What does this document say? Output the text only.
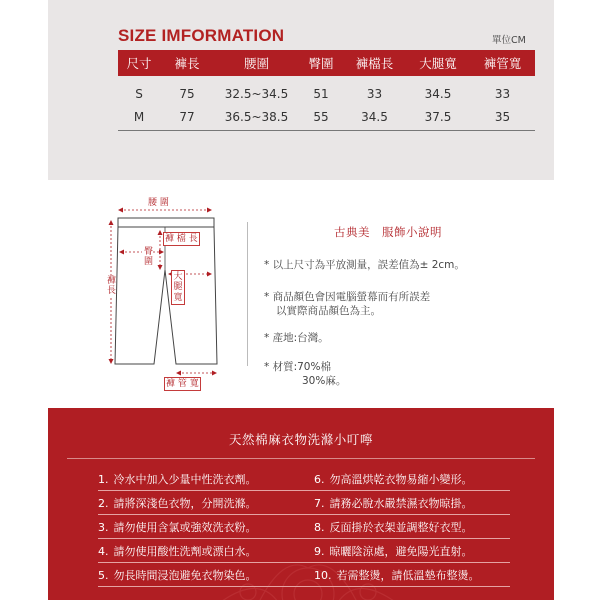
SIZE IMFORMATION	單位CM
尺寸	褲長	腰圍	臀圍	褲檔長	大腿寬	褲管寬
S	75	32.5~34.5	51	33	34.5	33
M	77	36.5~38.5	55	34.5	37.5	35
腰 圍
褲 檔 長
臀圍
大腿寬
褲長
褲 管 寬
古典美　服飾小說明
* 以上尺寸為平放測量，誤差值為± 2cm。
* 商品顏色會因電腦螢幕而有所誤差
以實際商品顏色為主。
* 產地:台灣。
* 材質:70%棉
30%麻。
天然棉麻衣物洗滌小叮嚀
1. 冷水中加入少量中性洗衣劑。
2. 請將深淺色衣物，分開洗滌。
3. 請勿使用含氯或強效洗衣粉。
4. 請勿使用酸性洗劑或漂白水。
5. 勿長時間浸泡避免衣物染色。
6. 勿高溫烘乾衣物易縮小變形。
7. 請務必脫水嚴禁濕衣物晾掛。
8. 反面掛於衣架並調整好衣型。
9. 晾曬陰涼處，避免陽光直射。
10. 若需整燙，請低溫墊布整燙。
